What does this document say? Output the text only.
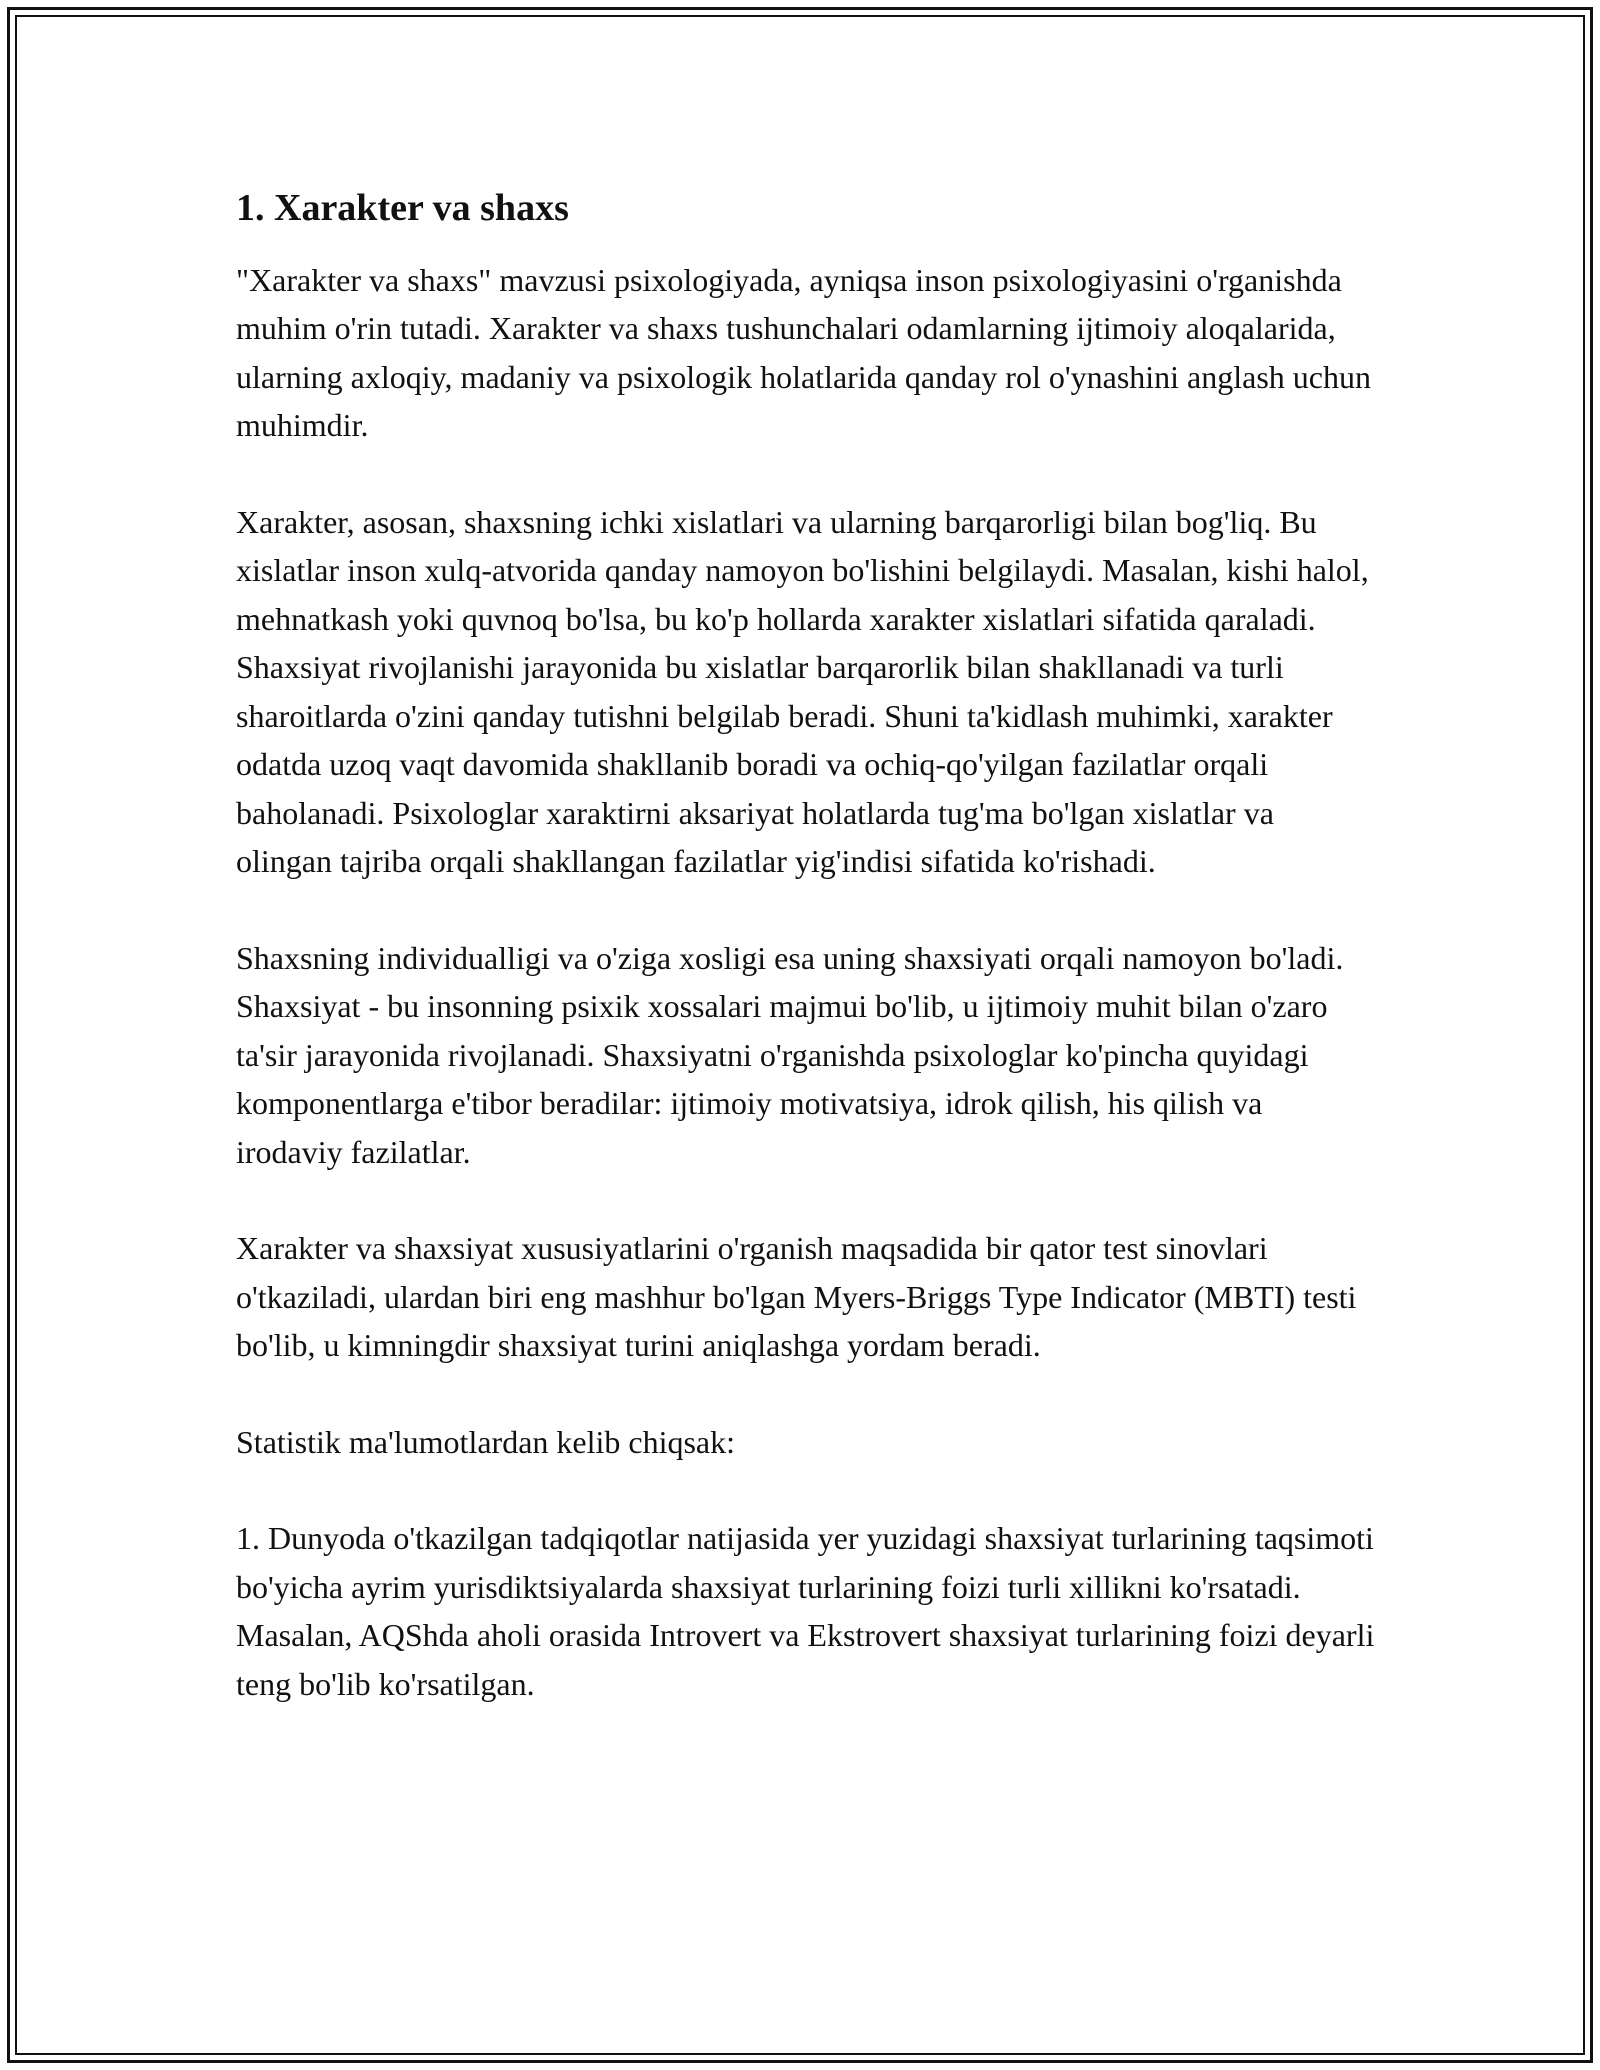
1. Xarakter va shaxs

"Xarakter va shaxs" mavzusi psixologiyada, ayniqsa inson psixologiyasini o'rganishda muhim o'rin tutadi. Xarakter va shaxs tushunchalari odamlarning ijtimoiy aloqalarida, ularning axloqiy, madaniy va psixologik holatlarida qanday rol o'ynashini anglash uchun muhimdir.

Xarakter, asosan, shaxsning ichki xislatlari va ularning barqarorligi bilan bog'liq. Bu xislatlar inson xulq-atvorida qanday namoyon bo'lishini belgilaydi. Masalan, kishi halol, mehnatkash yoki quvnoq bo'lsa, bu ko'p hollarda xarakter xislatlari sifatida qaraladi. Shaxsiyat rivojlanishi jarayonida bu xislatlar barqarorlik bilan shakllanadi va turli sharoitlarda o'zini qanday tutishni belgilab beradi. Shuni ta'kidlash muhimki, xarakter odatda uzoq vaqt davomida shakllanib boradi va ochiq-qo'yilgan fazilatlar orqali baholanadi. Psixologlar xaraktirni aksariyat holatlarda tug'ma bo'lgan xislatlar va olingan tajriba orqali shakllangan fazilatlar yig'indisi sifatida ko'rishadi.

Shaxsning individualligi va o'ziga xosligi esa uning shaxsiyati orqali namoyon bo'ladi. Shaxsiyat - bu insonning psixik xossalari majmui bo'lib, u ijtimoiy muhit bilan o'zaro ta'sir jarayonida rivojlanadi. Shaxsiyatni o'rganishda psixologlar ko'pincha quyidagi komponentlarga e'tibor beradilar: ijtimoiy motivatsiya, idrok qilish, his qilish va irodaviy fazilatlar.

Xarakter va shaxsiyat xususiyatlarini o'rganish maqsadida bir qator test sinovlari o'tkaziladi, ulardan biri eng mashhur bo'lgan Myers-Briggs Type Indicator (MBTI) testi bo'lib, u kimningdir shaxsiyat turini aniqlashga yordam beradi.

Statistik ma'lumotlardan kelib chiqsak:

1. Dunyoda o'tkazilgan tadqiqotlar natijasida yer yuzidagi shaxsiyat turlarining taqsimoti bo'yicha ayrim yurisdiktsiyalarda shaxsiyat turlarining foizi turli xillikni ko'rsatadi. Masalan, AQShda aholi orasida Introvert va Ekstrovert shaxsiyat turlarining foizi deyarli teng bo'lib ko'rsatilgan.
